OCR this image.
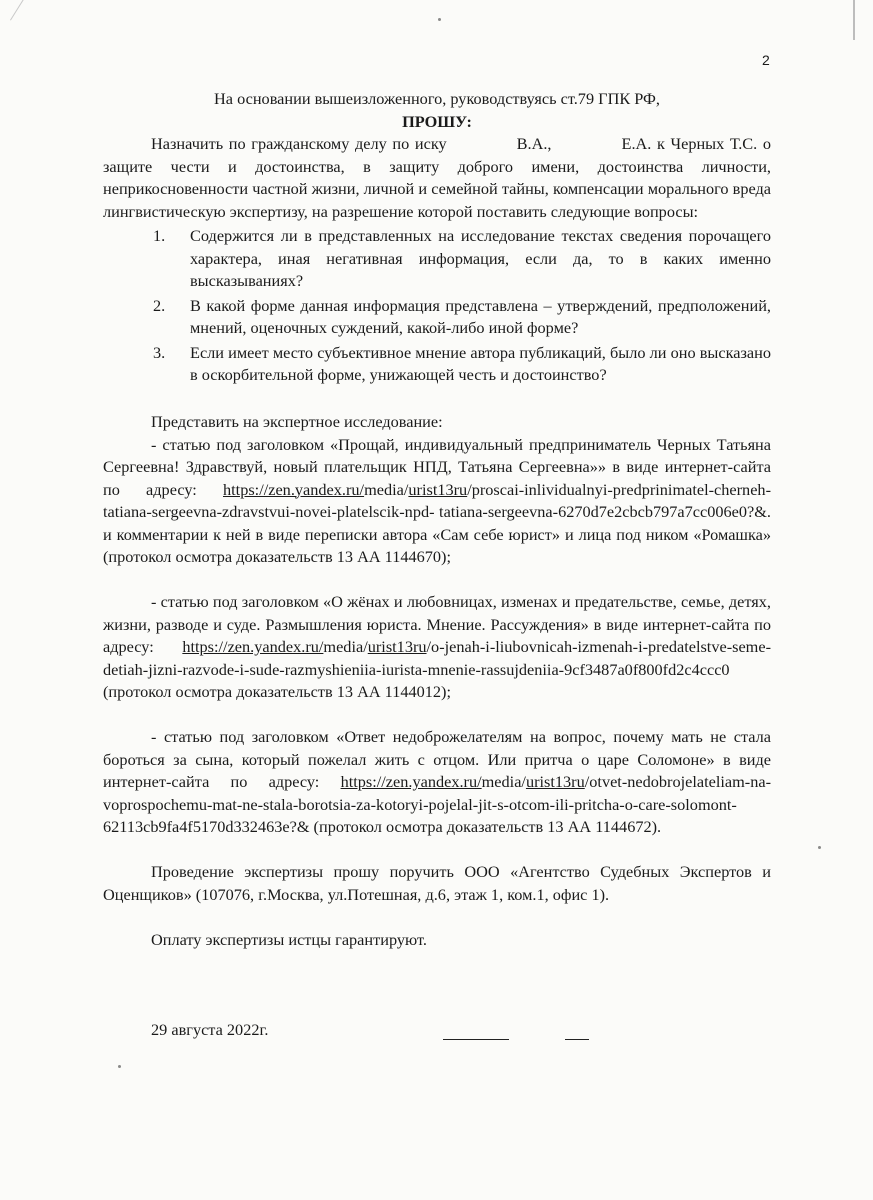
2

На основании вышеизложенного, руководствуясь ст.79 ГПК РФ,

ПРОШУ:

Назначить по гражданскому делу по иску	В.А.,	Е.А. к Черных Т.С. о защите чести и достоинства, в защиту доброго имени, достоинства личности, неприкосновенности частной жизни, личной и семейной тайны, компенсации морального вреда лингвистическую экспертизу, на разрешение которой поставить следующие вопросы:

1. Содержится ли в представленных на исследование текстах сведения порочащего характера, иная негативная информация, если да, то в каких именно высказываниях?
2. В какой форме данная информация представлена – утверждений, предположений, мнений, оценочных суждений, какой-либо иной форме?
3. Если имеет место субъективное мнение автора публикаций, было ли оно высказано в оскорбительной форме, унижающей честь и достоинство?

Представить на экспертное исследование:

- статью под заголовком «Прощай, индивидуальный предприниматель Черных Татьяна Сергеевна! Здравствуй, новый плательщик НПД, Татьяна Сергеевна»» в виде интернет-сайта по адресу: https://zen.yandex.ru/media/urist13ru/proscai-inlividualnyi-predprinimatel-cherneh-tatiana-sergeevna-zdravstvui-novei-platelscik-npd- tatiana-sergeevna-6270d7e2cbcb797a7cc006e0?&. и комментарии к ней в виде переписки автора «Сам себе юрист» и лица под ником «Ромашка» (протокол осмотра доказательств 13 АА 1144670);

- статью под заголовком «О жёнах и любовницах, изменах и предательстве, семье, детях, жизни, разводе и суде. Размышления юриста. Мнение. Рассуждения» в виде интернет-сайта по адресу: https://zen.yandex.ru/media/urist13ru/o-jenah-i-liubovnicah-izmenah-i-predatelstve-seme-detiah-jizni-razvode-i-sude-razmyshieniia-iurista-mnenie-rassujdeniia-9cf3487a0f800fd2c4ccc0 (протокол осмотра доказательств 13 АА 1144012);

- статью под заголовком «Ответ недоброжелателям на вопрос, почему мать не стала бороться за сына, который пожелал жить с отцом. Или притча о царе Соломоне» в виде интернет-сайта по адресу: https://zen.yandex.ru/media/urist13ru/otvet-nedobrojelateliam-na-voprospochemu-mat-ne-stala-borotsia-za-kotoryi-pojelal-jit-s-otcom-ili-pritcha-o-care-solomont-62113cb9fa4f5170d332463e?& (протокол осмотра доказательств 13 АА 1144672).

Проведение экспертизы прошу поручить ООО «Агентство Судебных Экспертов и Оценщиков» (107076, г.Москва, ул.Потешная, д.6, этаж 1, ком.1, офис 1).

Оплату экспертизы истцы гарантируют.

29 августа 2022г.
